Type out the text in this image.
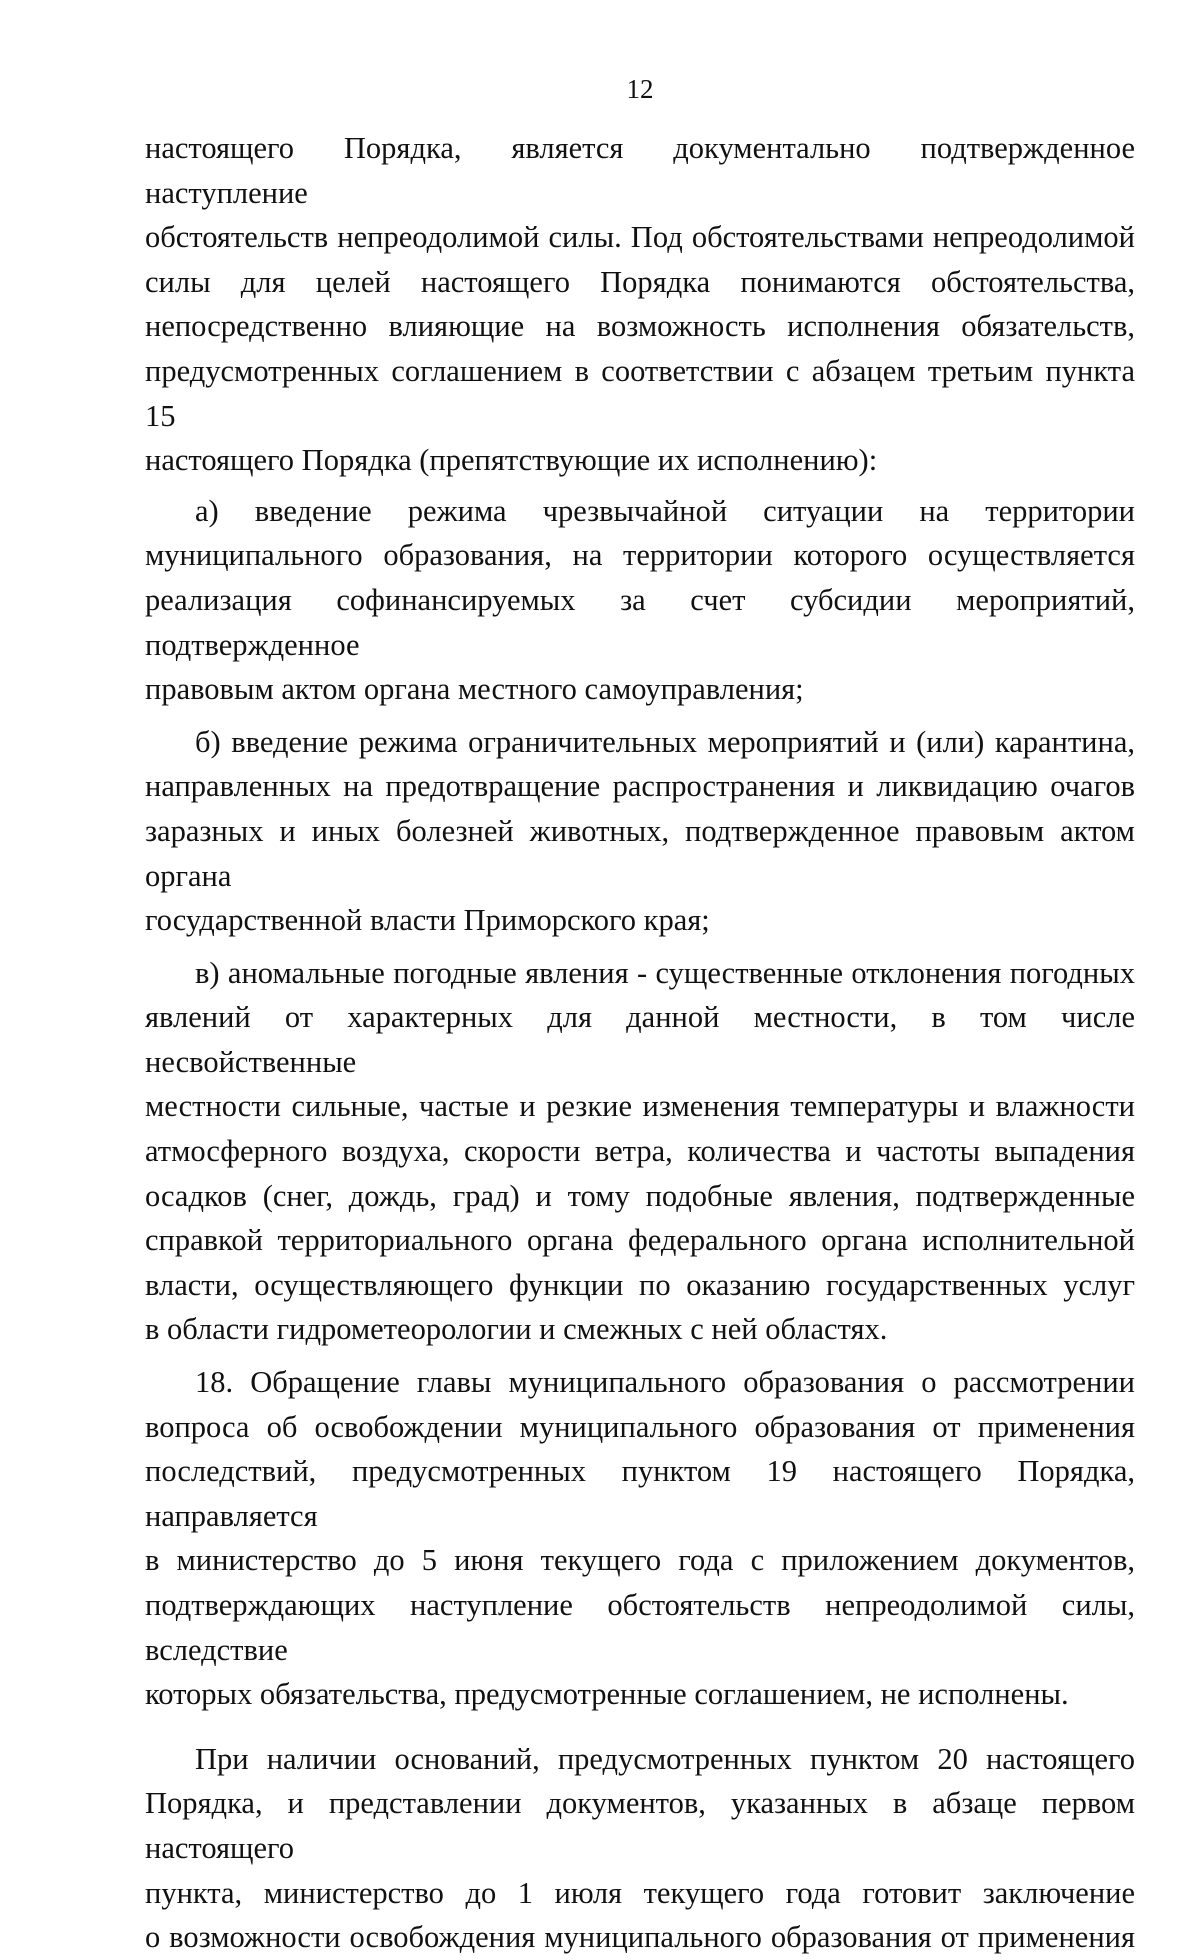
12

настоящего Порядка, является документально подтвержденное наступление

обстоятельств непреодолимой силы. Под обстоятельствами непреодолимой

силы для целей настоящего Порядка понимаются обстоятельства,

непосредственно влияющие на возможность исполнения обязательств,

предусмотренных соглашением в соответствии с абзацем третьим пункта 15

настоящего Порядка (препятствующие их исполнению):

а) введение режима чрезвычайной ситуации на территории

муниципального образования, на территории которого осуществляется

реализация софинансируемых за счет субсидии мероприятий, подтвержденное

правовым актом органа местного самоуправления;

б) введение режима ограничительных мероприятий и (или) карантина,

направленных на предотвращение распространения и ликвидацию очагов

заразных и иных болезней животных, подтвержденное правовым актом органа

государственной власти Приморского края;

в) аномальные погодные явления - существенные отклонения погодных

явлений от характерных для данной местности, в том числе несвойственные

местности сильные, частые и резкие изменения температуры и влажности

атмосферного воздуха, скорости ветра, количества и частоты выпадения

осадков (снег, дождь, град) и тому подобные явления, подтвержденные

справкой территориального органа федерального органа исполнительной

власти, осуществляющего функции по оказанию государственных услуг

в области гидрометеорологии и смежных с ней областях.

18. Обращение главы муниципального образования о рассмотрении

вопроса об освобождении муниципального образования от применения

последствий, предусмотренных пунктом 19 настоящего Порядка, направляется

в министерство до 5 июня текущего года с приложением документов,

подтверждающих наступление обстоятельств непреодолимой силы, вследствие

которых обязательства, предусмотренные соглашением, не исполнены.

При наличии оснований, предусмотренных пунктом 20 настоящего

Порядка, и представлении документов, указанных в абзаце первом настоящего

пункта, министерство до 1 июля текущего года готовит заключение

о возможности освобождения муниципального образования от применения
